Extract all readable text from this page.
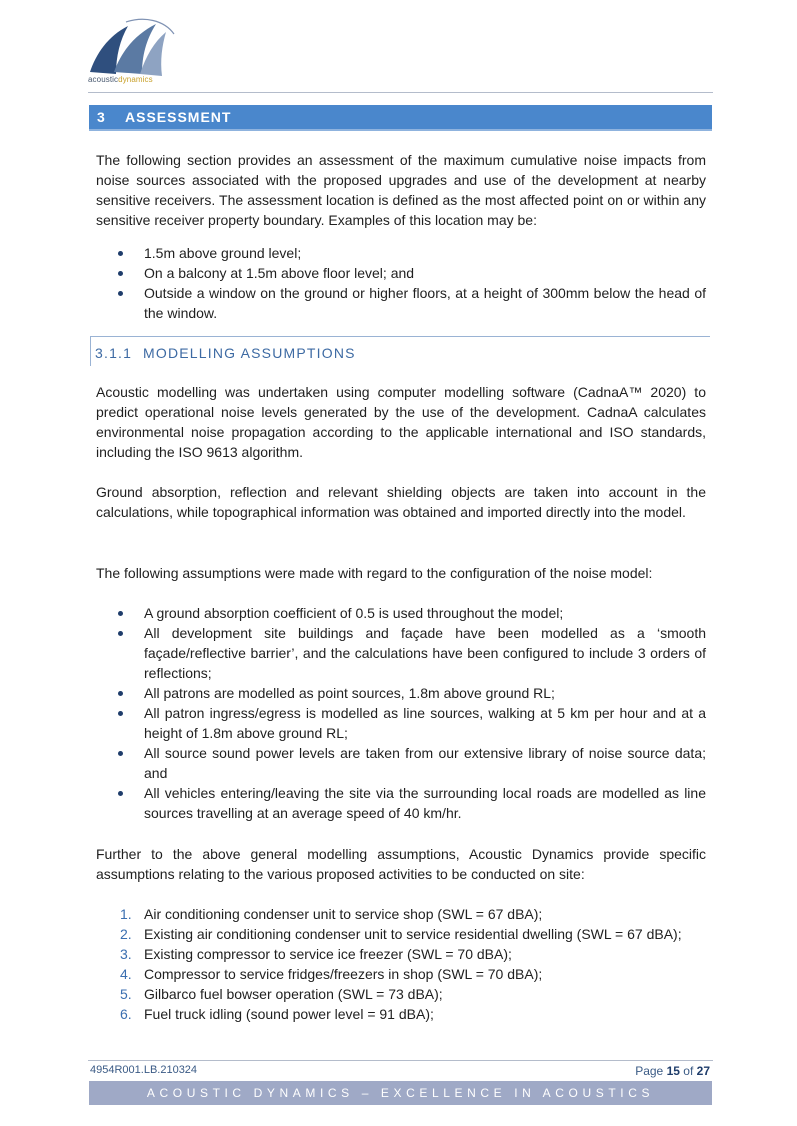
acousticdynamics
3 ASSESSMENT

The following section provides an assessment of the maximum cumulative noise impacts from noise sources associated with the proposed upgrades and use of the development at nearby sensitive receivers. The assessment location is defined as the most affected point on or within any sensitive receiver property boundary. Examples of this location may be:

1.5m above ground level;
On a balcony at 1.5m above floor level; and
Outside a window on the ground or higher floors, at a height of 300mm below the head of the window.
3.1.1 MODELLING ASSUMPTIONS

Acoustic modelling was undertaken using computer modelling software (CadnaA™ 2020) to predict operational noise levels generated by the use of the development. CadnaA calculates environmental noise propagation according to the applicable international and ISO standards, including the ISO 9613 algorithm.

Ground absorption, reflection and relevant shielding objects are taken into account in the calculations, while topographical information was obtained and imported directly into the model.

The following assumptions were made with regard to the configuration of the noise model:

A ground absorption coefficient of 0.5 is used throughout the model;
All development site buildings and façade have been modelled as a ‘smooth façade/reflective barrier’, and the calculations have been configured to include 3 orders of reflections;
All patrons are modelled as point sources, 1.8m above ground RL;
All patron ingress/egress is modelled as line sources, walking at 5 km per hour and at a height of 1.8m above ground RL;
All source sound power levels are taken from our extensive library of noise source data; and
All vehicles entering/leaving the site via the surrounding local roads are modelled as line sources travelling at an average speed of 40 km/hr.

Further to the above general modelling assumptions, Acoustic Dynamics provide specific assumptions relating to the various proposed activities to be conducted on site:

1. Air conditioning condenser unit to service shop (SWL = 67 dBA);
2. Existing air conditioning condenser unit to service residential dwelling (SWL = 67 dBA);
3. Existing compressor to service ice freezer (SWL = 70 dBA);
4. Compressor to service fridges/freezers in shop (SWL = 70 dBA);
5. Gilbarco fuel bowser operation (SWL = 73 dBA);
6. Fuel truck idling (sound power level = 91 dBA);
4954R001.LB.210324	Page 15 of 27
ACOUSTIC DYNAMICS – EXCELLENCE IN ACOUSTICS
